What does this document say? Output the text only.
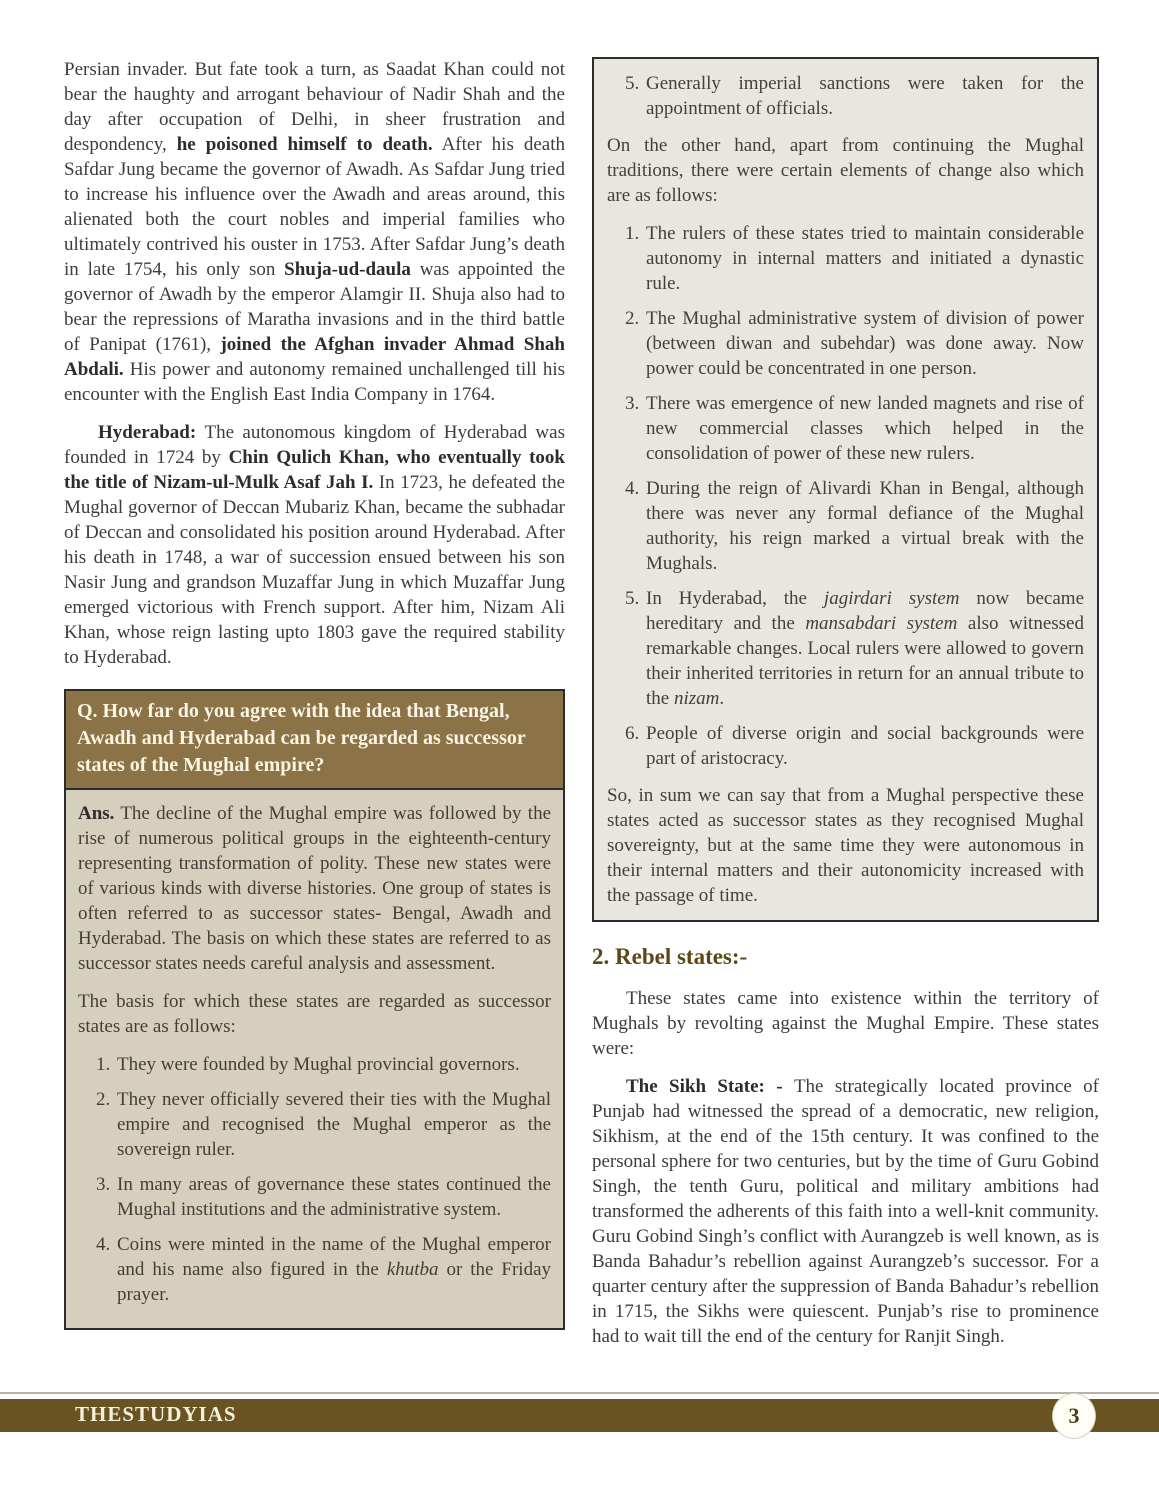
Persian invader. But fate took a turn, as Saadat Khan could not bear the haughty and arrogant behaviour of Nadir Shah and the day after occupation of Delhi, in sheer frustration and despondency, he poisoned himself to death. After his death Safdar Jung became the governor of Awadh. As Safdar Jung tried to increase his influence over the Awadh and areas around, this alienated both the court nobles and imperial families who ultimately contrived his ouster in 1753. After Safdar Jung’s death in late 1754, his only son Shuja-ud-daula was appointed the governor of Awadh by the emperor Alamgir II. Shuja also had to bear the repressions of Maratha invasions and in the third battle of Panipat (1761), joined the Afghan invader Ahmad Shah Abdali. His power and autonomy remained unchallenged till his encounter with the English East India Company in 1764.

Hyderabad: The autonomous kingdom of Hyderabad was founded in 1724 by Chin Qulich Khan, who eventually took the title of Nizam-ul-Mulk Asaf Jah I. In 1723, he defeated the Mughal governor of Deccan Mubariz Khan, became the subhadar of Deccan and consolidated his position around Hyderabad. After his death in 1748, a war of succession ensued between his son Nasir Jung and grandson Muzaffar Jung in which Muzaffar Jung emerged victorious with French support. After him, Nizam Ali Khan, whose reign lasting upto 1803 gave the required stability to Hyderabad.

Q. How far do you agree with the idea that Bengal, Awadh and Hyderabad can be regarded as successor states of the Mughal empire?

Ans. The decline of the Mughal empire was followed by the rise of numerous political groups in the eighteenth-century representing transformation of polity. These new states were of various kinds with diverse histories. One group of states is often referred to as successor states- Bengal, Awadh and Hyderabad. The basis on which these states are referred to as successor states needs careful analysis and assessment.

The basis for which these states are regarded as successor states are as follows:

1. They were founded by Mughal provincial governors.
2. They never officially severed their ties with the Mughal empire and recognised the Mughal emperor as the sovereign ruler.
3. In many areas of governance these states continued the Mughal institutions and the administrative system.
4. Coins were minted in the name of the Mughal emperor and his name also figured in the khutba or the Friday prayer.
5. Generally imperial sanctions were taken for the appointment of officials.

On the other hand, apart from continuing the Mughal traditions, there were certain elements of change also which are as follows:

1. The rulers of these states tried to maintain considerable autonomy in internal matters and initiated a dynastic rule.
2. The Mughal administrative system of division of power (between diwan and subehdar) was done away. Now power could be concentrated in one person.
3. There was emergence of new landed magnets and rise of new commercial classes which helped in the consolidation of power of these new rulers.
4. During the reign of Alivardi Khan in Bengal, although there was never any formal defiance of the Mughal authority, his reign marked a virtual break with the Mughals.
5. In Hyderabad, the jagirdari system now became hereditary and the mansabdari system also witnessed remarkable changes. Local rulers were allowed to govern their inherited territories in return for an annual tribute to the nizam.
6. People of diverse origin and social backgrounds were part of aristocracy.

So, in sum we can say that from a Mughal perspective these states acted as successor states as they recognised Mughal sovereignty, but at the same time they were autonomous in their internal matters and their autonomicity increased with the passage of time.

2. Rebel states:-

These states came into existence within the territory of Mughals by revolting against the Mughal Empire. These states were:

The Sikh State: - The strategically located province of Punjab had witnessed the spread of a democratic, new religion, Sikhism, at the end of the 15th century. It was confined to the personal sphere for two centuries, but by the time of Guru Gobind Singh, the tenth Guru, political and military ambitions had transformed the adherents of this faith into a well-knit community. Guru Gobind Singh’s conflict with Aurangzeb is well known, as is Banda Bahadur’s rebellion against Aurangzeb’s successor. For a quarter century after the suppression of Banda Bahadur’s rebellion in 1715, the Sikhs were quiescent. Punjab’s rise to prominence had to wait till the end of the century for Ranjit Singh.

THESTUDYIAS	3
